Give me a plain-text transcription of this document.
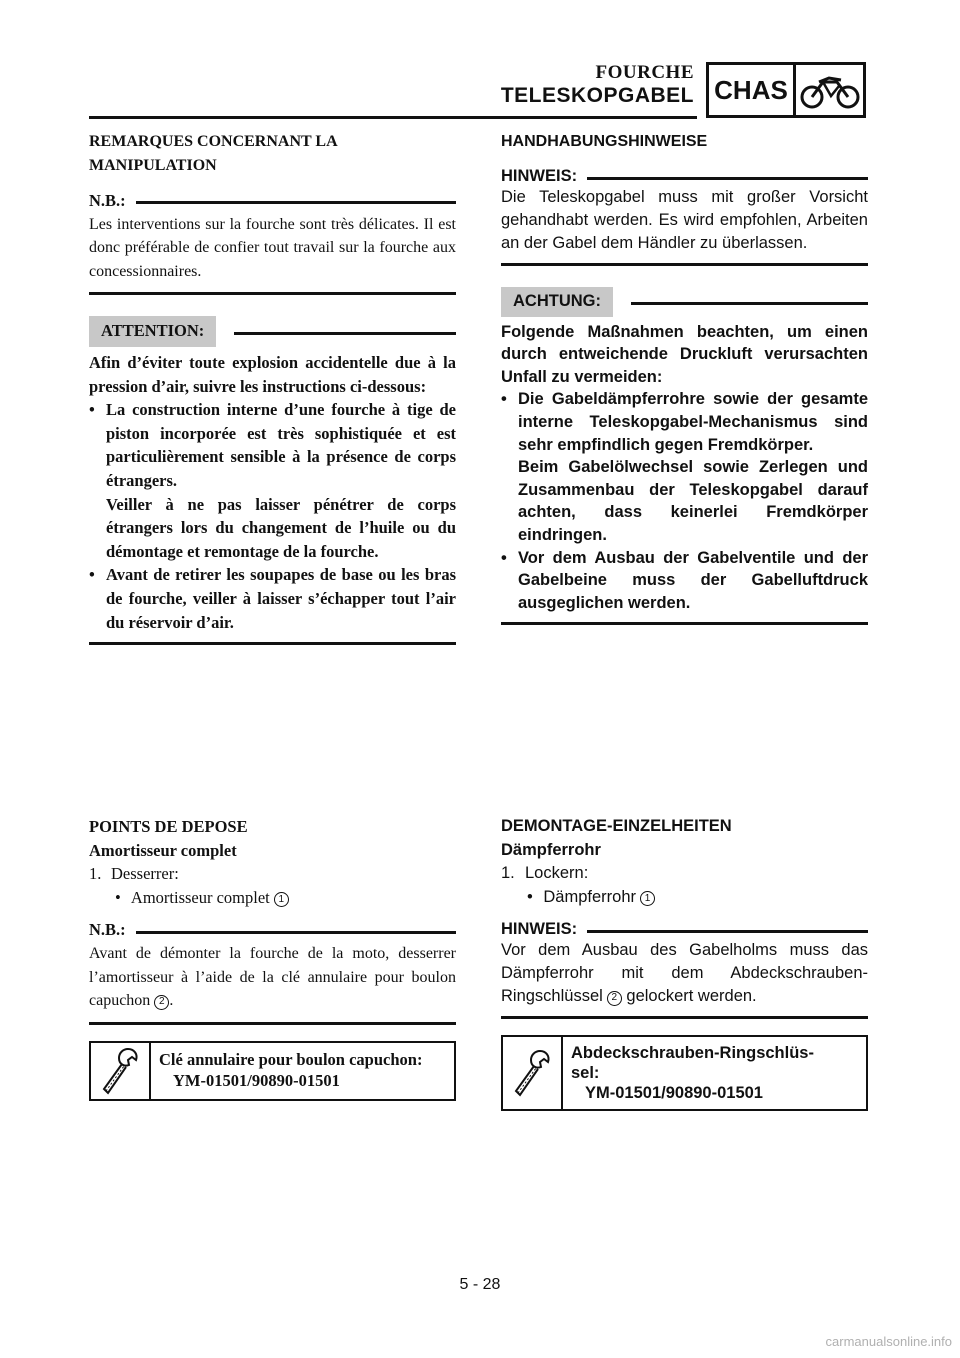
FOURCHE
TELESKOPGABEL CHAS
REMARQUES CONCERNANT LA
MANIPULATION
N.B.:
Les interventions sur la fourche sont très délicates. Il est donc préférable de confier tout travail sur la fourche aux concessionnaires.
ATTENTION:
Afin d’éviter toute explosion accidentelle due à la pression d’air, suivre les instructions ci-dessous:
• La construction interne d’une fourche à tige de piston incorporée est très sophistiquée et est particulièrement sensible à la présence de corps étrangers.
Veiller à ne pas laisser pénétrer de corps étrangers lors du changement de l’huile ou du démontage et remontage de la fourche.
• Avant de retirer les soupapes de base ou les bras de fourche, veiller à laisser s’échapper tout l’air du réservoir d’air.
HANDHABUNGSHINWEISE
HINWEIS:
Die Teleskopgabel muss mit großer Vorsicht gehandhabt werden. Es wird empfohlen, Arbeiten an der Gabel dem Händler zu überlassen.
ACHTUNG:
Folgende Maßnahmen beachten, um einen durch entweichende Druckluft verursachten Unfall zu vermeiden:
• Die Gabeldämpferrohre sowie der gesamte interne Teleskopgabel-Mechanismus sind sehr empfindlich gegen Fremdkörper.
Beim Gabelölwechsel sowie Zerlegen und Zusammenbau der Teleskopgabel darauf achten, dass keinerlei Fremdkörper eindringen.
• Vor dem Ausbau der Gabelventile und der Gabelbeine muss der Gabelluftdruck ausgeglichen werden.
POINTS DE DEPOSE
Amortisseur complet
1. Desserrer:
• Amortisseur complet 1
N.B.:
Avant de démonter la fourche de la moto, desserrer l’amortisseur à l’aide de la clé annulaire pour boulon capuchon 2 .
Clé annulaire pour boulon capuchon:
YM-01501/90890-01501
DEMONTAGE-EINZELHEITEN
Dämpferrohr
1. Lockern:
• Dämpferrohr 1
HINWEIS:
Vor dem Ausbau des Gabelholms muss das Dämpferrohr mit dem Abdeckschrauben-Ringschlüssel 2 gelockert werden.
Abdeckschrauben-Ringschlüs-
sel:
YM-01501/90890-01501
5 - 28
carmanualsonline.info
